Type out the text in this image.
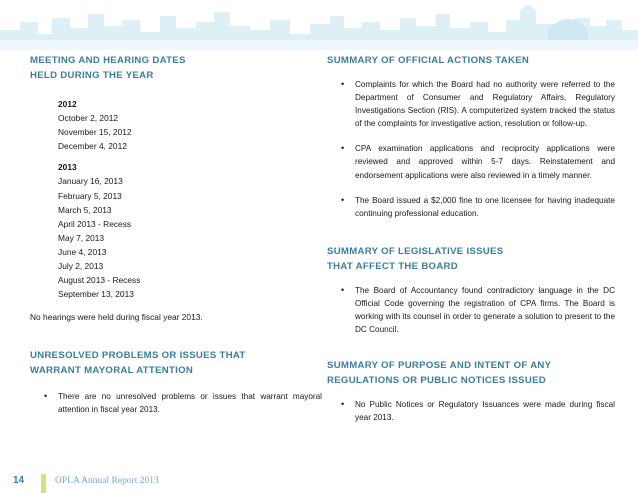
MEETING AND HEARING DATES
HELD DURING THE YEAR
2012
October 2, 2012
November 15, 2012
December 4, 2012
2013
January 16, 2013
February 5, 2013
March 5, 2013
April 2013 - Recess
May 7, 2013
June 4, 2013
July 2, 2013
August 2013 - Recess
September 13, 2013
No hearings were held during fiscal year 2013.
UNRESOLVED PROBLEMS OR ISSUES THAT
WARRANT MAYORAL ATTENTION
• There are no unresolved problems or issues that warrant mayoral attention in fiscal year 2013.
SUMMARY OF OFFICIAL ACTIONS TAKEN
• Complaints for which the Board had no authority were referred to the Department of Consumer and Regulatory Affairs, Regulatory Investigations Section (RIS). A computerized system tracked the status of the complaints for investigative action, resolution or follow-up.
• CPA examination applications and reciprocity applications were reviewed and approved within 5-7 days. Reinstatement and endorsement applications were also reviewed in a timely manner.
• The Board issued a $2,000 fine to one licensee for having inadequate continuing professional education.
SUMMARY OF LEGISLATIVE ISSUES
THAT AFFECT THE BOARD
• The Board of Accountancy found contradictory language in the DC Official Code governing the registration of CPA firms. The Board is working with its counsel in order to generate a solution to present to the DC Council.
SUMMARY OF PURPOSE AND INTENT OF ANY
REGULATIONS OR PUBLIC NOTICES ISSUED
• No Public Notices or Regulatory Issuances were made during fiscal year 2013.
14	OPLA Annual Report 2013
